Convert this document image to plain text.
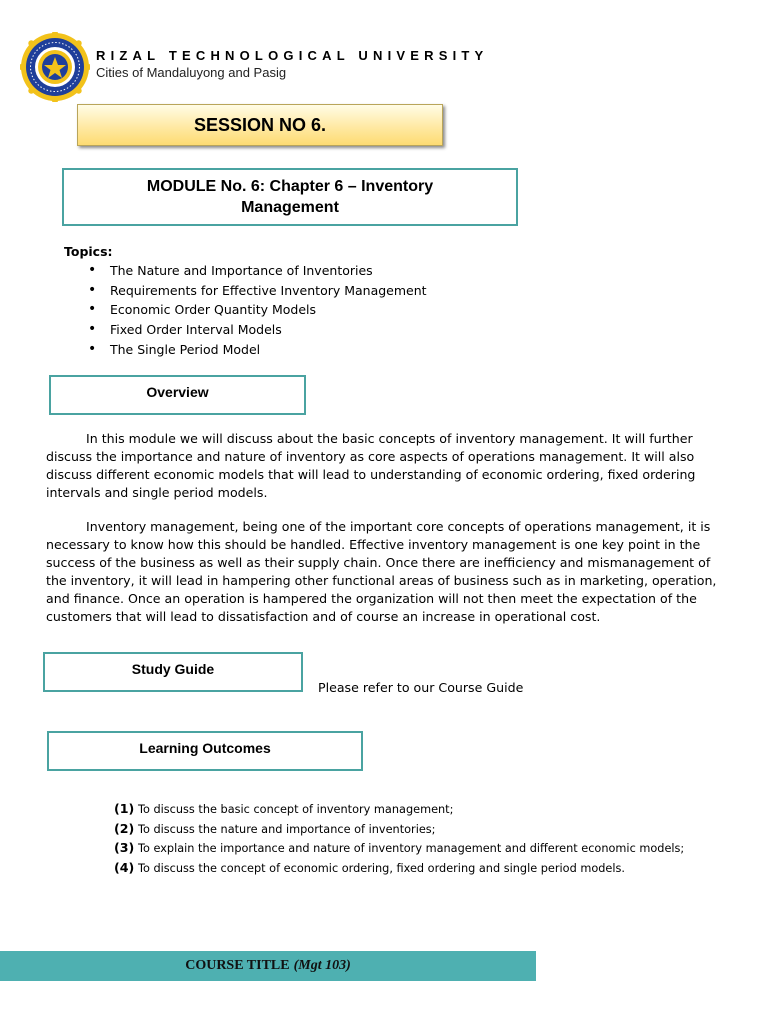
RIZAL TECHNOLOGICAL UNIVERSITY
Cities of Mandaluyong and Pasig
SESSION NO 6.
MODULE No. 6: Chapter 6 – Inventory Management
Topics:
• The Nature and Importance of Inventories
• Requirements for Effective Inventory Management
• Economic Order Quantity Models
• Fixed Order Interval Models
• The Single Period Model
Overview

In this module we will discuss about the basic concepts of inventory management. It will further discuss the importance and nature of inventory as core aspects of operations management. It will also discuss different economic models that will lead to understanding of economic ordering, fixed ordering intervals and single period models.

Inventory management, being one of the important core concepts of operations management, it is necessary to know how this should be handled. Effective inventory management is one key point in the success of the business as well as their supply chain. Once there are inefficiency and mismanagement of the inventory, it will lead in hampering other functional areas of business such as in marketing, operation, and finance. Once an operation is hampered the organization will not then meet the expectation of the customers that will lead to dissatisfaction and of course an increase in operational cost.

Study Guide
Please refer to our Course Guide
Learning Outcomes
(1) To discuss the basic concept of inventory management;
(2) To discuss the nature and importance of inventories;
(3) To explain the importance and nature of inventory management and different economic models;
(4) To discuss the concept of economic ordering, fixed ordering and single period models.
COURSE TITLE (Mgt 103)
